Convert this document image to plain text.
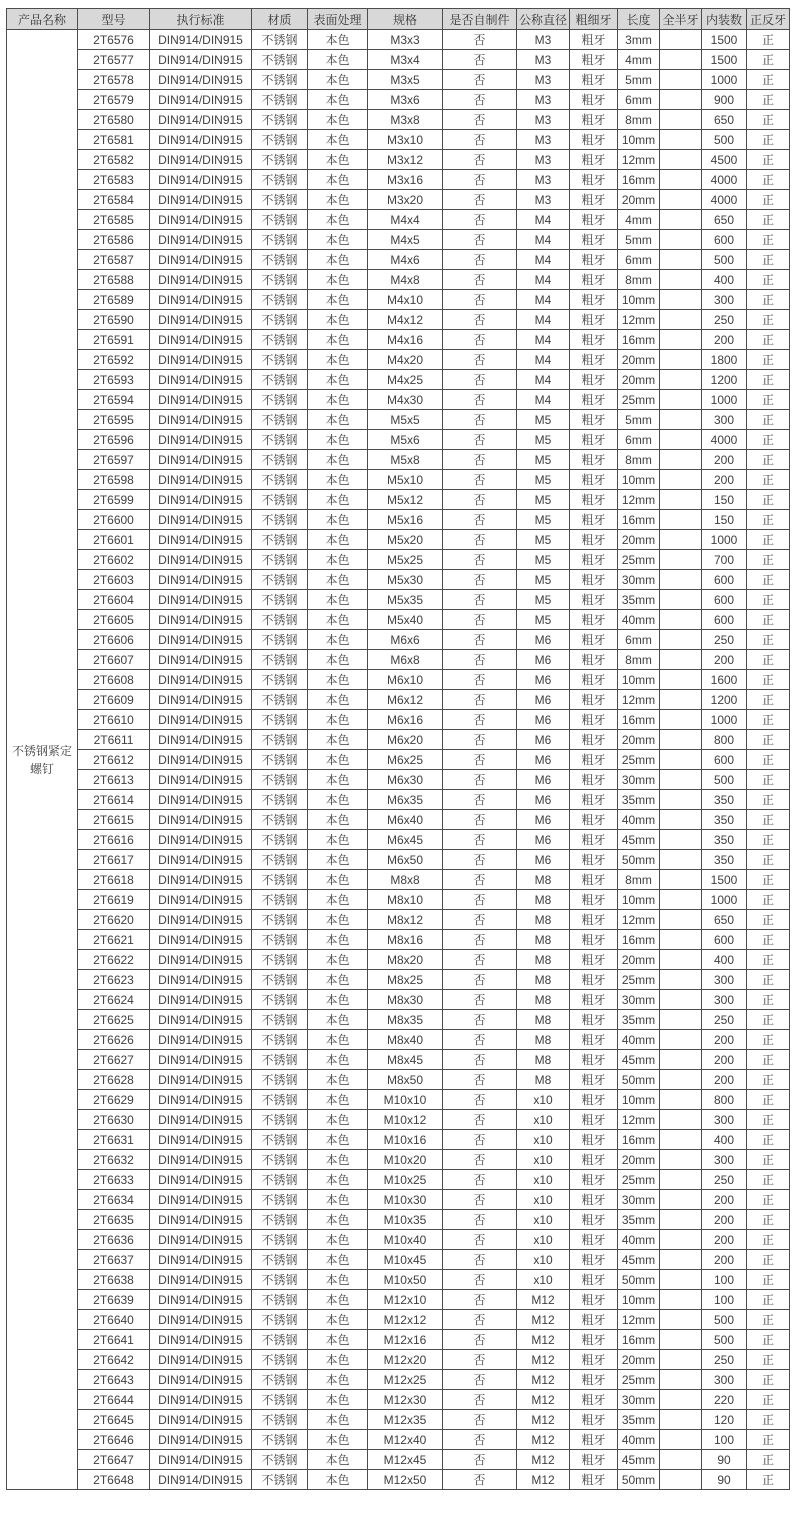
产品名称	型号	执行标准	材质	表面处理	规格	是否自制件	公称直径	粗细牙	长度	全半牙	内装数	正反牙
不锈钢紧定螺钉	2T6576	DIN914/DIN915	不锈钢	本色	M3x3	否	M3	粗牙	3mm		1500	正
	2T6577	DIN914/DIN915	不锈钢	本色	M3x4	否	M3	粗牙	4mm		1500	正
	2T6578	DIN914/DIN915	不锈钢	本色	M3x5	否	M3	粗牙	5mm		1000	正
	2T6579	DIN914/DIN915	不锈钢	本色	M3x6	否	M3	粗牙	6mm		900	正
	2T6580	DIN914/DIN915	不锈钢	本色	M3x8	否	M3	粗牙	8mm		650	正
	2T6581	DIN914/DIN915	不锈钢	本色	M3x10	否	M3	粗牙	10mm		500	正
	2T6582	DIN914/DIN915	不锈钢	本色	M3x12	否	M3	粗牙	12mm		4500	正
	2T6583	DIN914/DIN915	不锈钢	本色	M3x16	否	M3	粗牙	16mm		4000	正
	2T6584	DIN914/DIN915	不锈钢	本色	M3x20	否	M3	粗牙	20mm		4000	正
	2T6585	DIN914/DIN915	不锈钢	本色	M4x4	否	M4	粗牙	4mm		650	正
	2T6586	DIN914/DIN915	不锈钢	本色	M4x5	否	M4	粗牙	5mm		600	正
	2T6587	DIN914/DIN915	不锈钢	本色	M4x6	否	M4	粗牙	6mm		500	正
	2T6588	DIN914/DIN915	不锈钢	本色	M4x8	否	M4	粗牙	8mm		400	正
	2T6589	DIN914/DIN915	不锈钢	本色	M4x10	否	M4	粗牙	10mm		300	正
	2T6590	DIN914/DIN915	不锈钢	本色	M4x12	否	M4	粗牙	12mm		250	正
	2T6591	DIN914/DIN915	不锈钢	本色	M4x16	否	M4	粗牙	16mm		200	正
	2T6592	DIN914/DIN915	不锈钢	本色	M4x20	否	M4	粗牙	20mm		1800	正
	2T6593	DIN914/DIN915	不锈钢	本色	M4x25	否	M4	粗牙	20mm		1200	正
	2T6594	DIN914/DIN915	不锈钢	本色	M4x30	否	M4	粗牙	25mm		1000	正
	2T6595	DIN914/DIN915	不锈钢	本色	M5x5	否	M5	粗牙	5mm		300	正
	2T6596	DIN914/DIN915	不锈钢	本色	M5x6	否	M5	粗牙	6mm		4000	正
	2T6597	DIN914/DIN915	不锈钢	本色	M5x8	否	M5	粗牙	8mm		200	正
	2T6598	DIN914/DIN915	不锈钢	本色	M5x10	否	M5	粗牙	10mm		200	正
	2T6599	DIN914/DIN915	不锈钢	本色	M5x12	否	M5	粗牙	12mm		150	正
	2T6600	DIN914/DIN915	不锈钢	本色	M5x16	否	M5	粗牙	16mm		150	正
	2T6601	DIN914/DIN915	不锈钢	本色	M5x20	否	M5	粗牙	20mm		1000	正
	2T6602	DIN914/DIN915	不锈钢	本色	M5x25	否	M5	粗牙	25mm		700	正
	2T6603	DIN914/DIN915	不锈钢	本色	M5x30	否	M5	粗牙	30mm		600	正
	2T6604	DIN914/DIN915	不锈钢	本色	M5x35	否	M5	粗牙	35mm		600	正
	2T6605	DIN914/DIN915	不锈钢	本色	M5x40	否	M5	粗牙	40mm		600	正
	2T6606	DIN914/DIN915	不锈钢	本色	M6x6	否	M6	粗牙	6mm		250	正
	2T6607	DIN914/DIN915	不锈钢	本色	M6x8	否	M6	粗牙	8mm		200	正
	2T6608	DIN914/DIN915	不锈钢	本色	M6x10	否	M6	粗牙	10mm		1600	正
	2T6609	DIN914/DIN915	不锈钢	本色	M6x12	否	M6	粗牙	12mm		1200	正
	2T6610	DIN914/DIN915	不锈钢	本色	M6x16	否	M6	粗牙	16mm		1000	正
	2T6611	DIN914/DIN915	不锈钢	本色	M6x20	否	M6	粗牙	20mm		800	正
	2T6612	DIN914/DIN915	不锈钢	本色	M6x25	否	M6	粗牙	25mm		600	正
	2T6613	DIN914/DIN915	不锈钢	本色	M6x30	否	M6	粗牙	30mm		500	正
	2T6614	DIN914/DIN915	不锈钢	本色	M6x35	否	M6	粗牙	35mm		350	正
	2T6615	DIN914/DIN915	不锈钢	本色	M6x40	否	M6	粗牙	40mm		350	正
	2T6616	DIN914/DIN915	不锈钢	本色	M6x45	否	M6	粗牙	45mm		350	正
	2T6617	DIN914/DIN915	不锈钢	本色	M6x50	否	M6	粗牙	50mm		350	正
	2T6618	DIN914/DIN915	不锈钢	本色	M8x8	否	M8	粗牙	8mm		1500	正
	2T6619	DIN914/DIN915	不锈钢	本色	M8x10	否	M8	粗牙	10mm		1000	正
	2T6620	DIN914/DIN915	不锈钢	本色	M8x12	否	M8	粗牙	12mm		650	正
	2T6621	DIN914/DIN915	不锈钢	本色	M8x16	否	M8	粗牙	16mm		600	正
	2T6622	DIN914/DIN915	不锈钢	本色	M8x20	否	M8	粗牙	20mm		400	正
	2T6623	DIN914/DIN915	不锈钢	本色	M8x25	否	M8	粗牙	25mm		300	正
	2T6624	DIN914/DIN915	不锈钢	本色	M8x30	否	M8	粗牙	30mm		300	正
	2T6625	DIN914/DIN915	不锈钢	本色	M8x35	否	M8	粗牙	35mm		250	正
	2T6626	DIN914/DIN915	不锈钢	本色	M8x40	否	M8	粗牙	40mm		200	正
	2T6627	DIN914/DIN915	不锈钢	本色	M8x45	否	M8	粗牙	45mm		200	正
	2T6628	DIN914/DIN915	不锈钢	本色	M8x50	否	M8	粗牙	50mm		200	正
	2T6629	DIN914/DIN915	不锈钢	本色	M10x10	否	x10	粗牙	10mm		800	正
	2T6630	DIN914/DIN915	不锈钢	本色	M10x12	否	x10	粗牙	12mm		300	正
	2T6631	DIN914/DIN915	不锈钢	本色	M10x16	否	x10	粗牙	16mm		400	正
	2T6632	DIN914/DIN915	不锈钢	本色	M10x20	否	x10	粗牙	20mm		300	正
	2T6633	DIN914/DIN915	不锈钢	本色	M10x25	否	x10	粗牙	25mm		250	正
	2T6634	DIN914/DIN915	不锈钢	本色	M10x30	否	x10	粗牙	30mm		200	正
	2T6635	DIN914/DIN915	不锈钢	本色	M10x35	否	x10	粗牙	35mm		200	正
	2T6636	DIN914/DIN915	不锈钢	本色	M10x40	否	x10	粗牙	40mm		200	正
	2T6637	DIN914/DIN915	不锈钢	本色	M10x45	否	x10	粗牙	45mm		200	正
	2T6638	DIN914/DIN915	不锈钢	本色	M10x50	否	x10	粗牙	50mm		100	正
	2T6639	DIN914/DIN915	不锈钢	本色	M12x10	否	M12	粗牙	10mm		100	正
	2T6640	DIN914/DIN915	不锈钢	本色	M12x12	否	M12	粗牙	12mm		500	正
	2T6641	DIN914/DIN915	不锈钢	本色	M12x16	否	M12	粗牙	16mm		500	正
	2T6642	DIN914/DIN915	不锈钢	本色	M12x20	否	M12	粗牙	20mm		250	正
	2T6643	DIN914/DIN915	不锈钢	本色	M12x25	否	M12	粗牙	25mm		300	正
	2T6644	DIN914/DIN915	不锈钢	本色	M12x30	否	M12	粗牙	30mm		220	正
	2T6645	DIN914/DIN915	不锈钢	本色	M12x35	否	M12	粗牙	35mm		120	正
	2T6646	DIN914/DIN915	不锈钢	本色	M12x40	否	M12	粗牙	40mm		100	正
	2T6647	DIN914/DIN915	不锈钢	本色	M12x45	否	M12	粗牙	45mm		90	正
	2T6648	DIN914/DIN915	不锈钢	本色	M12x50	否	M12	粗牙	50mm		90	正
